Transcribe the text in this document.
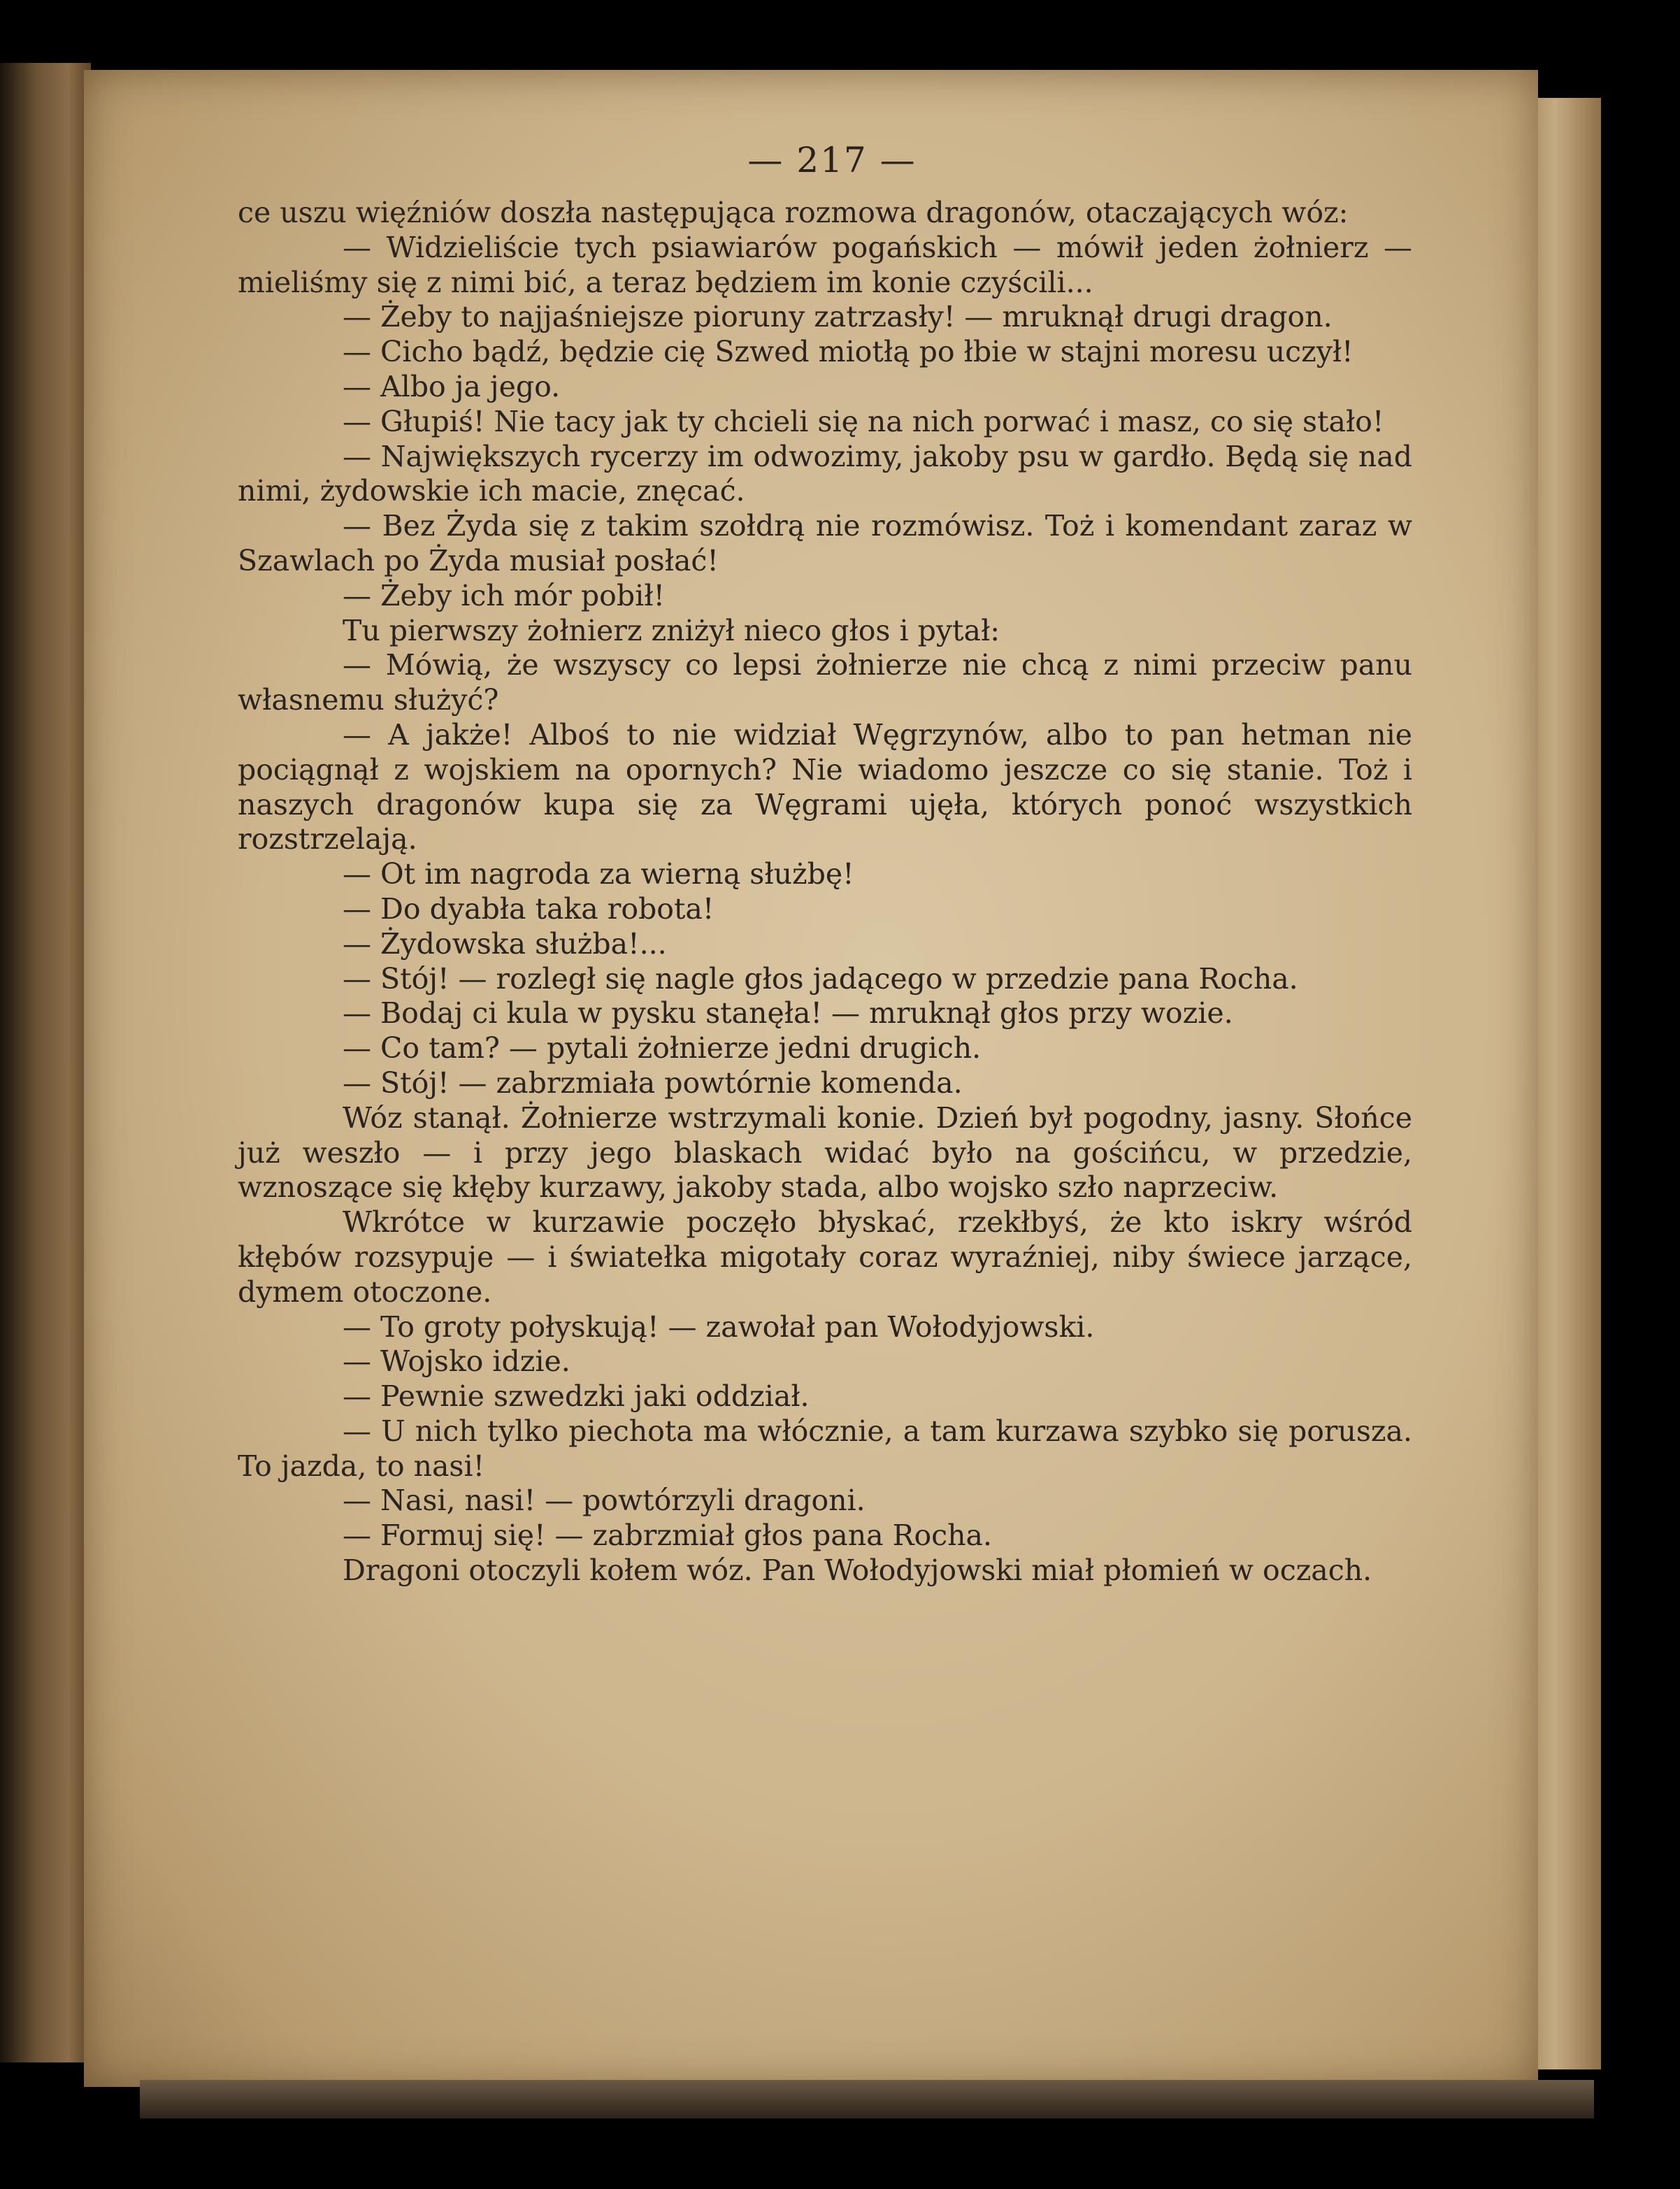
— 217 —

ce uszu więźniów doszła następująca rozmowa dragonów, otaczających wóz:

— Widzieliście tych psiawiarów pogańskich — mówił jeden żołnierz — mieliśmy się z nimi bić, a teraz będziem im konie czyścili...

— Żeby to najjaśniejsze pioruny zatrzasły! — mruknął drugi dragon.

— Cicho bądź, będzie cię Szwed miotłą po łbie w stajni moresu uczył!

— Albo ja jego.

— Głupiś! Nie tacy jak ty chcieli się na nich porwać i masz, co się stało!

— Największych rycerzy im odwozimy, jakoby psu w gardło. Będą się nad nimi, żydowskie ich macie, znęcać.

— Bez Żyda się z takim szołdrą nie rozmówisz. Toż i komendant zaraz w Szawlach po Żyda musiał posłać!

— Żeby ich mór pobił!

Tu pierwszy żołnierz zniżył nieco głos i pytał:

— Mówią, że wszyscy co lepsi żołnierze nie chcą z nimi przeciw panu własnemu służyć?

— A jakże! Alboś to nie widział Węgrzynów, albo to pan hetman nie pociągnął z wojskiem na opornych? Nie wiadomo jeszcze co się stanie. Toż i naszych dragonów kupa się za Węgrami ujęła, których ponoć wszystkich rozstrzelają.

— Ot im nagroda za wierną służbę!

— Do dyabła taka robota!

— Żydowska służba!...

— Stój! — rozległ się nagle głos jadącego w przedzie pana Rocha.

— Bodaj ci kula w pysku stanęła! — mruknął głos przy wozie.

— Co tam? — pytali żołnierze jedni drugich.

— Stój! — zabrzmiała powtórnie komenda.

Wóz stanął. Żołnierze wstrzymali konie. Dzień był pogodny, jasny. Słońce już weszło — i przy jego blaskach widać było na gościńcu, w przedzie, wznoszące się kłęby kurzawy, jakoby stada, albo wojsko szło naprzeciw.

Wkrótce w kurzawie poczęło błyskać, rzekłbyś, że kto iskry wśród kłębów rozsypuje — i światełka migotały coraz wyraźniej, niby świece jarzące, dymem otoczone.

— To groty połyskują! — zawołał pan Wołodyjowski.

— Wojsko idzie.

— Pewnie szwedzki jaki oddział.

— U nich tylko piechota ma włócznie, a tam kurzawa szybko się porusza. To jazda, to nasi!

— Nasi, nasi! — powtórzyli dragoni.

— Formuj się! — zabrzmiał głos pana Rocha.

Dragoni otoczyli kołem wóz. Pan Wołodyjowski miał płomień w oczach.
